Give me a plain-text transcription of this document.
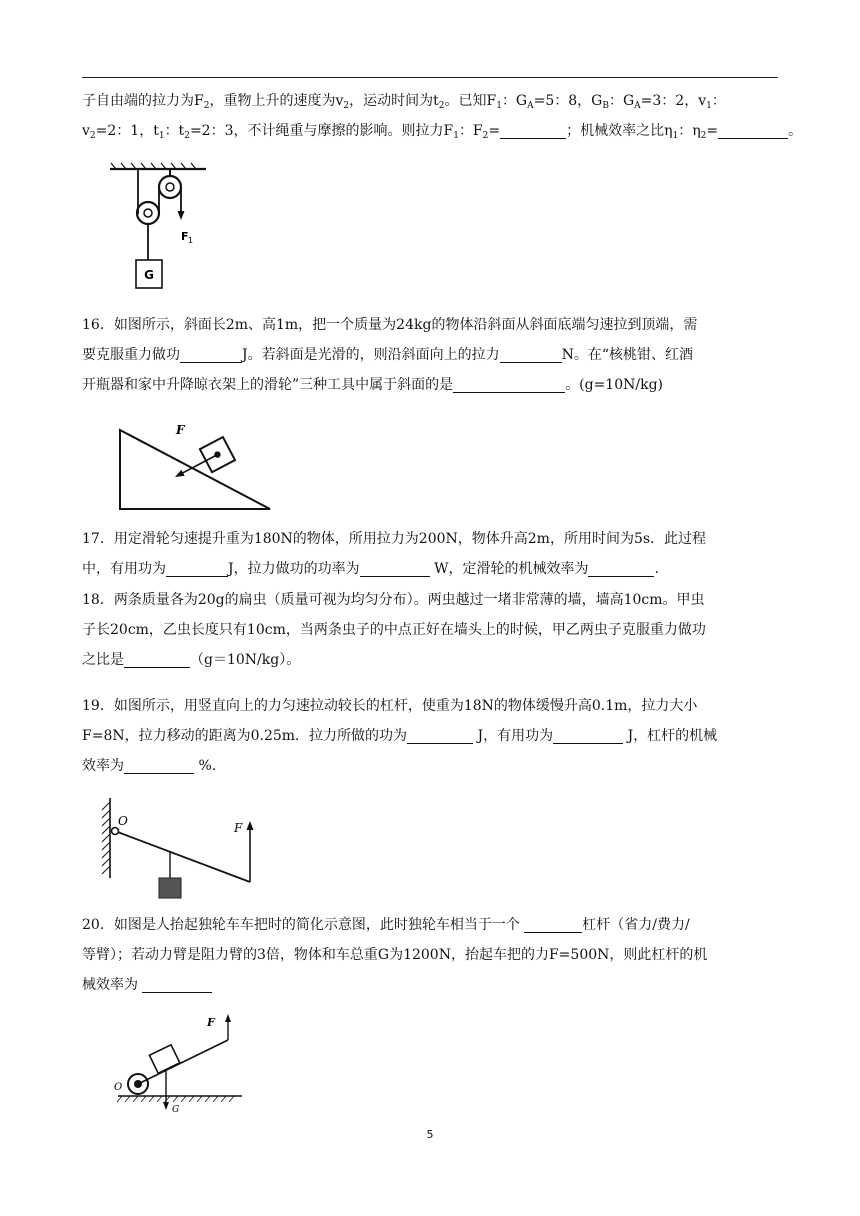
子自由端的拉力为$F_2$，重物上升的速度为$v_2$，运动时间为$t_2$。已知$F_1$：$G_A=5$：8，$G_B$：$G_A=3$：2，$v_1$：
$v_2=2$：1，$t_1$：$t_2=2$：3，不计绳重与摩擦的影响。则拉力$F_1$：$F_2=$	；机械效率之比$\eta_1$：$\eta_2=$	。
G
F 1
16．如图所示，斜面长2m、高1m，把一个质量为24kg的物体沿斜面从斜面底端匀速拉到顶端，需
要克服重力做功	J。若斜面是光滑的，则沿斜面向上的拉力	N。在“核桃钳、红酒
开瓶器和家中升降晾衣架上的滑轮”三种工具中属于斜面的是	。(g=10N/kg)
F
17．用定滑轮匀速提升重为180N的物体，所用拉力为200N，物体升高2m，所用时间为5s．此过程
中，有用功为	J，拉力做功的功率为	W，定滑轮的机械效率为	.
18．两条质量各为20g的扁虫（质量可视为均匀分布）。两虫越过一堵非常薄的墙，墙高10cm。甲虫
子长20cm，乙虫长度只有10cm，当两条虫子的中点正好在墙头上的时候，甲乙两虫子克服重力做功
之比是	（g＝10N/kg）。
19．如图所示，用竖直向上的力匀速拉动较长的杠杆，使重为18N的物体缓慢升高0.1m，拉力大小
F=8N，拉力移动的距离为0.25m．拉力所做的功为	J，有用功为	J，杠杆的机械
效率为	%.
O	F
20．如图是人抬起独轮车车把时的简化示意图，此时独轮车相当于一个	杠杆（省力/费力/
等臂）；若动力臂是阻力臂的3倍，物体和车总重G为1200N，抬起车把的力F=500N，则此杠杆的机
械效率为
G
F
O
5
